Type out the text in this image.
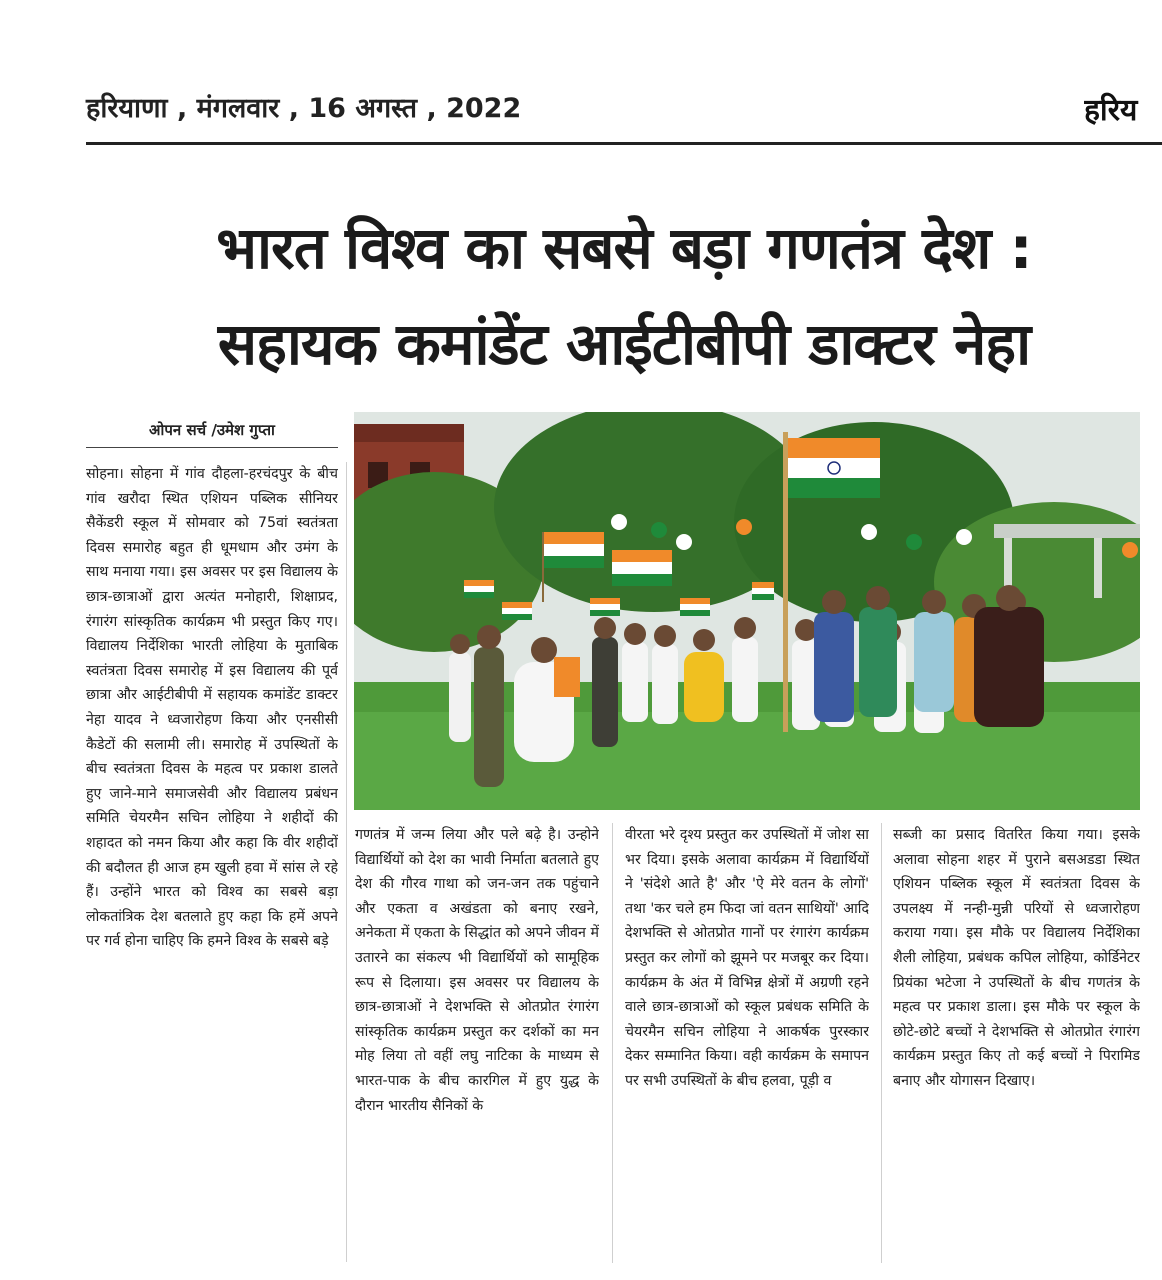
हरियाणा , मंगलवार , 16 अगस्त , 2022	हरिय
भारत विश्व का सबसे बड़ा गणतंत्र देश :
सहायक कमांडेंट आईटीबीपी डाक्टर नेहा
ओपन सर्च /उमेश गुप्ता
सोहना। सोहना में गांव दौहला-हरचंदपुर के बीच गांव खरौदा स्थित एशियन पब्लिक सीनियर सैकेंडरी स्कूल में सोमवार को 75वां स्वतंत्रता दिवस समारोह बहुत ही धूमधाम और उमंग के साथ मनाया गया। इस अवसर पर इस विद्यालय के छात्र-छात्राओं द्वारा अत्यंत मनोहारी, शिक्षाप्रद, रंगारंग सांस्कृतिक कार्यक्रम भी प्रस्तुत किए गए। विद्यालय निर्देशिका भारती लोहिया के मुताबिक स्वतंत्रता दिवस समारोह में इस विद्यालय की पूर्व छात्रा और आईटीबीपी में सहायक कमांडेंट डाक्टर नेहा यादव ने ध्वजारोहण किया और एनसीसी कैडेटों की सलामी ली। समारोह में उपस्थितों के बीच स्वतंत्रता दिवस के महत्व पर प्रकाश डालते हुए जाने-माने समाजसेवी और विद्यालय प्रबंधन समिति चेयरमैन सचिन लोहिया ने शहीदों की शहादत को नमन किया और कहा कि वीर शहीदों की बदौलत ही आज हम खुली हवा में सांस ले रहे हैं। उन्होंने भारत को विश्व का सबसे बड़ा लोकतांत्रिक देश बतलाते हुए कहा कि हमें अपने पर गर्व होना चाहिए कि हमने विश्व के सबसे बड़े
गणतंत्र में जन्म लिया और पले बढ़े है। उन्होने विद्यार्थियों को देश का भावी निर्माता बतलाते हुए देश की गौरव गाथा को जन-जन तक पहुंचाने और एकता व अखंडता को बनाए रखने, अनेकता में एकता के सिद्धांत को अपने जीवन में उतारने का संकल्प भी विद्यार्थियों को सामूहिक रूप से दिलाया। इस अवसर पर विद्यालय के छात्र-छात्राओं ने देशभक्ति से ओतप्रोत रंगारंग सांस्कृतिक कार्यक्रम प्रस्तुत कर दर्शकों का मन मोह लिया तो वहीं लघु नाटिका के माध्यम से भारत-पाक के बीच कारगिल में हुए युद्ध के दौरान भारतीय सैनिकों के
वीरता भरे दृश्य प्रस्तुत कर उपस्थितों में जोश सा भर दिया। इसके अलावा कार्यक्रम में विद्यार्थियों ने 'संदेशे आते है' और 'ऐ मेरे वतन के लोगों' तथा 'कर चले हम फिदा जां वतन साथियों' आदि देशभक्ति से ओतप्रोत गानों पर रंगारंग कार्यक्रम प्रस्तुत कर लोगों को झूमने पर मजबूर कर दिया। कार्यक्रम के अंत में विभिन्न क्षेत्रों में अग्रणी रहने वाले छात्र-छात्राओं को स्कूल प्रबंधक समिति के चेयरमैन सचिन लोहिया ने आकर्षक पुरस्कार देकर सम्मानित किया। वही कार्यक्रम के समापन पर सभी उपस्थितों के बीच हलवा, पूड़ी व
सब्जी का प्रसाद वितरित किया गया। इसके अलावा सोहना शहर में पुराने बसअडडा स्थित एशियन पब्लिक स्कूल में स्वतंत्रता दिवस के उपलक्ष्य में नन्ही-मुन्नी परियों से ध्वजारोहण कराया गया। इस मौके पर विद्यालय निर्देशिका शैली लोहिया, प्रबंधक कपिल लोहिया, कोर्डिनेटर प्रियंका भटेजा ने उपस्थितों के बीच गणतंत्र के महत्व पर प्रकाश डाला। इस मौके पर स्कूल के छोटे-छोटे बच्चों ने देशभक्ति से ओतप्रोत रंगारंग कार्यक्रम प्रस्तुत किए तो कई बच्चों ने पिरामिड बनाए और योगासन दिखाए।
